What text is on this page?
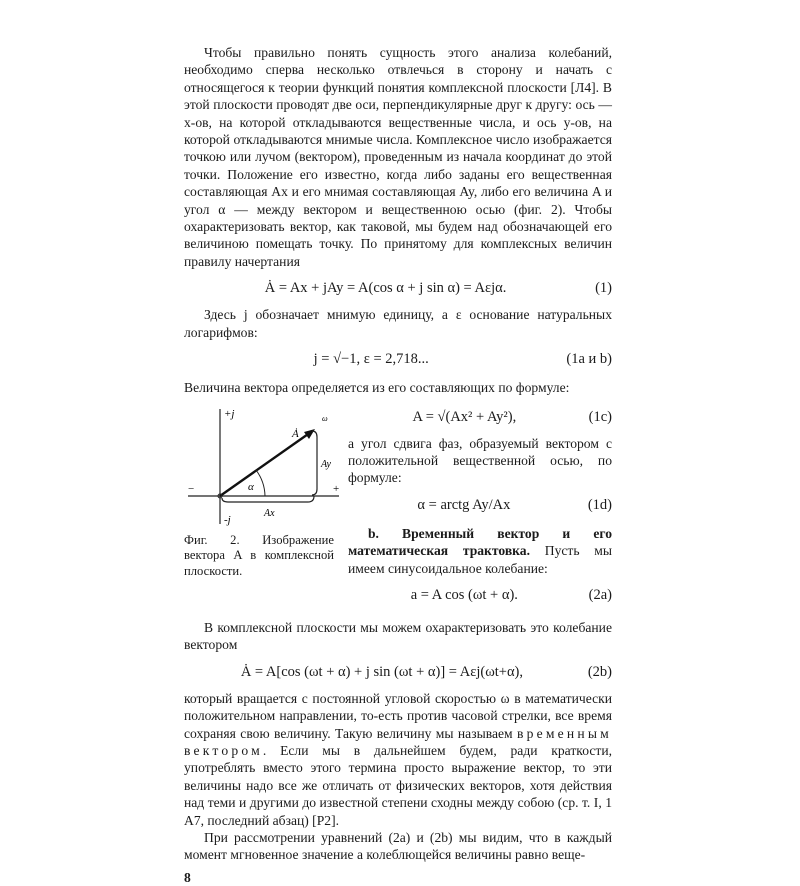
Чтобы правильно понять сущность этого анализа колебаний, необходимо сперва несколько отвлечься в сторону и начать с относящегося к теории функций понятия комплексной плоскости [Л4]. В этой плоскости проводят две оси, перпендикулярные друг к другу: ось — x-ов, на которой откладываются вещественные числа, и ось y-ов, на которой откладываются мнимые числа. Комплексное число изображается точкою или лучом (вектором), проведенным из начала координат до этой точки. Положение его известно, когда либо заданы его вещественная составляющая Ax и его мнимая составляющая Ay, либо его величина A и угол α — между вектором и вещественною осью (фиг. 2). Чтобы охарактеризовать вектор, как таковой, мы будем над обозначающей его величиною помещать точку. По принятому для комплексных величин правилу начертания

Ȧ = Ax + jAy = A(cos α + j sin α) = Aεjα.	(1)

Здесь j обозначает мнимую единицу, а ε основание натуральных логарифмов:

j = √−1, ε = 2,718...	(1a и b)

Величина вектора определяется из его составляющих по формуле:

+j
-j
Ȧ
Ay
Ax
α
−	+
ω
Фиг. 2. Изображение вектора A в комплексной плоскости.
A = √(Ax² + Ay²),	(1c)

а угол сдвига фаз, образуемый вектором с положительной вещественной осью, по формуле:

α = arctg Ay/Ax	(1d)

b. Временный вектор и его математическая трактовка. Пусть мы имеем синусоидальное колебание:

a = A cos (ωt + α).	(2a)

В комплексной плоскости мы можем охарактеризовать это колебание вектором

Ȧ = A[cos (ωt + α) + j sin (ωt + α)] = Aεj(ωt+α),	(2b)

который вращается с постоянной угловой скоростью ω в математически положительном направлении, то-есть против часовой стрелки, все время сохраняя свою величину. Такую величину мы называем временным вектором. Если мы в дальнейшем будем, ради краткости, употреблять вместо этого термина просто выражение вектор, то эти величины надо все же отличать от физических векторов, хотя действия над теми и другими до известной степени сходны между собою (ср. т. I, 1 A7, последний абзац) [P2].

При рассмотрении уравнений (2a) и (2b) мы видим, что в каждый момент мгновенное значение a колеблющейся величины равно веще-

8
